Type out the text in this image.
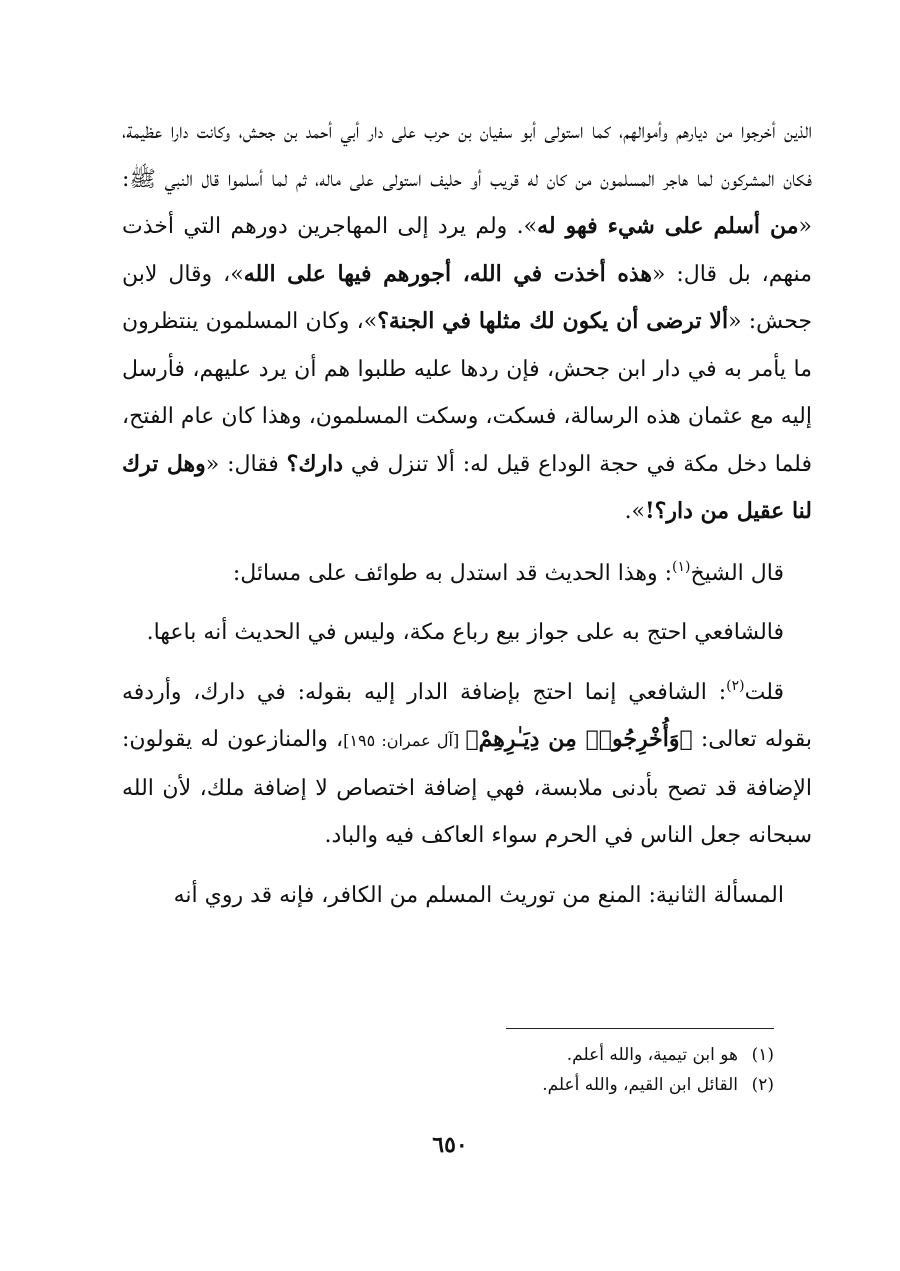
الذين أخرجوا من ديارهم وأموالهم، كما استولى أبو سفيان بن حرب على دار أبي أحمد بن جحش، وكانت دارا عظيمة، فكان المشركون لما هاجر المسلمون من كان له قريب أو حليف استولى على ماله، ثم لما أسلموا قال النبي ﷺ: «من أسلم على شيء فهو له». ولم يرد إلى المهاجرين دورهم التي أخذت منهم، بل قال: «هذه أخذت في الله، أجورهم فيها على الله»، وقال لابن جحش: «ألا ترضى أن يكون لك مثلها في الجنة؟»، وكان المسلمون ينتظرون ما يأمر به في دار ابن جحش، فإن ردها عليه طلبوا هم أن يرد عليهم، فأرسل إليه مع عثمان هذه الرسالة، فسكت، وسكت المسلمون، وهذا كان عام الفتح، فلما دخل مكة في حجة الوداع قيل له: ألا تنزل في دارك؟ فقال: «وهل ترك لنا عقيل من دار؟!».

قال الشيخ$^{(١)}$: وهذا الحديث قد استدل به طوائف على مسائل:

فالشافعي احتج به على جواز بيع رباع مكة، وليس في الحديث أنه باعها.

قلت$^{(٢)}$: الشافعي إنما احتج بإضافة الدار إليه بقوله: في دارك، وأردفه بقوله تعالى: ﴿وَأُخْرِجُوا۟ مِن دِيَـٰرِهِمْ﴾ [آل عمران: ١٩٥]، والمنازعون له يقولون: الإضافة قد تصح بأدنى ملابسة، فهي إضافة اختصاص لا إضافة ملك، لأن الله سبحانه جعل الناس في الحرم سواء العاكف فيه والباد.

المسألة الثانية: المنع من توريث المسلم من الكافر، فإنه قد روي أنه

(١)هو ابن تيمية، والله أعلم.

(٢)القائل ابن القيم، والله أعلم.

٦٥٠
